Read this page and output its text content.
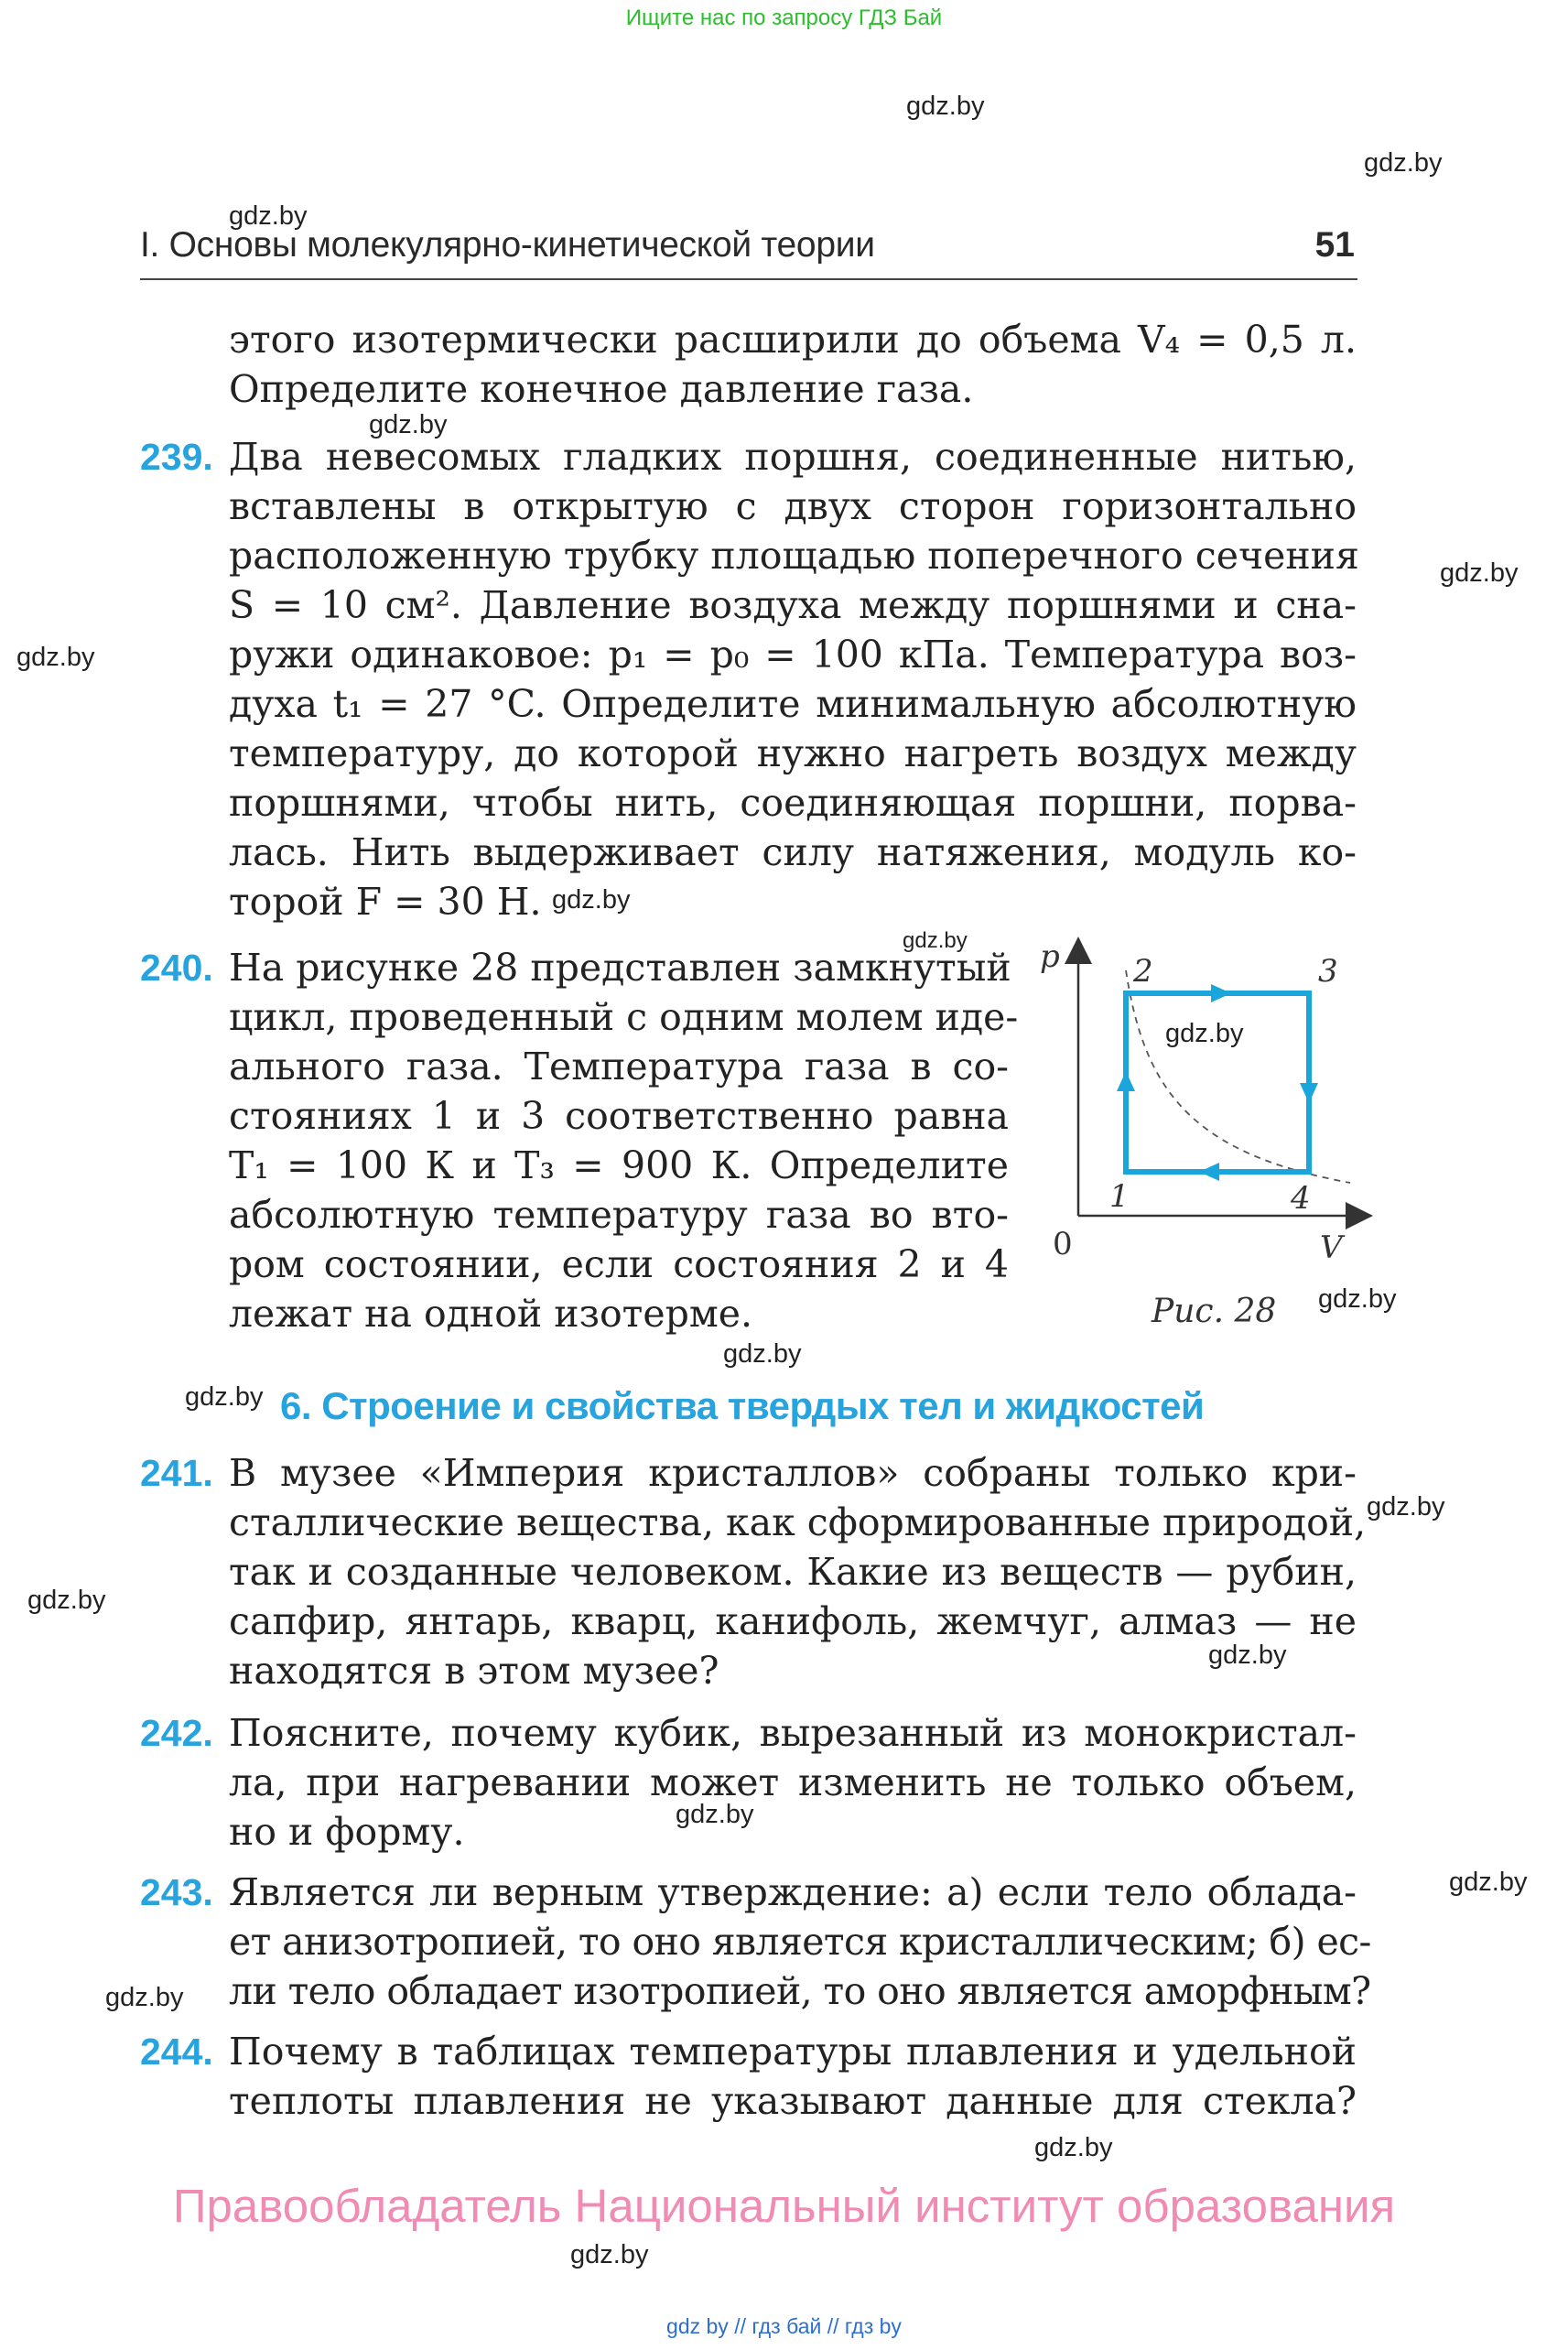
Ищите нас по запросу ГДЗ Бай
gdz.by
gdz.by
gdz.by
gdz.by
gdz.by
gdz.by
gdz.by
gdz.by
gdz.by
gdz.by
gdz.by
gdz.by
gdz.by
gdz.by
gdz.by
gdz.by
gdz.by
gdz.by
gdz.by
gdz.by
I. Основы молекулярно-кинетической теории	51
этого изотермически расширили до объема V₄ = 0,5 л.
Определите конечное давление газа.
239. Два невесомых гладких поршня, соединенные нитью,
вставлены в открытую с двух сторон горизонтально
расположенную трубку площадью поперечного сечения
S = 10 см². Давление воздуха между поршнями и сна-
ружи одинаковое: p₁ = p₀ = 100 кПа. Температура воз-
духа t₁ = 27 °C. Определите минимальную абсолютную
температуру, до которой нужно нагреть воздух между
поршнями, чтобы нить, соединяющая поршни, порва-
лась. Нить выдерживает силу натяжения, модуль ко-
торой F = 30 Н.
240. На рисунке 28 представлен замкнутый
цикл, проведенный с одним молем иде-
ального газа. Температура газа в со-
стояниях 1 и 3 соответственно равна
T₁ = 100 К и T₃ = 900 К. Определите
абсолютную температуру газа во вто-
ром состоянии, если состояния 2 и 4
лежат на одной изотерме.
p
V
0
1
2	3
4
Рис. 28
6. Строение и свойства твердых тел и жидкостей
241. В музее «Империя кристаллов» собраны только кри-
сталлические вещества, как сформированные природой,
так и созданные человеком. Какие из веществ — рубин,
сапфир, янтарь, кварц, канифоль, жемчуг, алмаз — не
находятся в этом музее?
242. Поясните, почему кубик, вырезанный из монокристал-
ла, при нагревании может изменить не только объем,
но и форму.
243. Является ли верным утверждение: а) если тело облада-
ет анизотропией, то оно является кристаллическим; б) ес-
ли тело обладает изотропией, то оно является аморфным?
244. Почему в таблицах температуры плавления и удельной
теплоты плавления не указывают данные для стекла?
Правообладатель Национальный институт образования
gdz by // гдз бай // гдз by
